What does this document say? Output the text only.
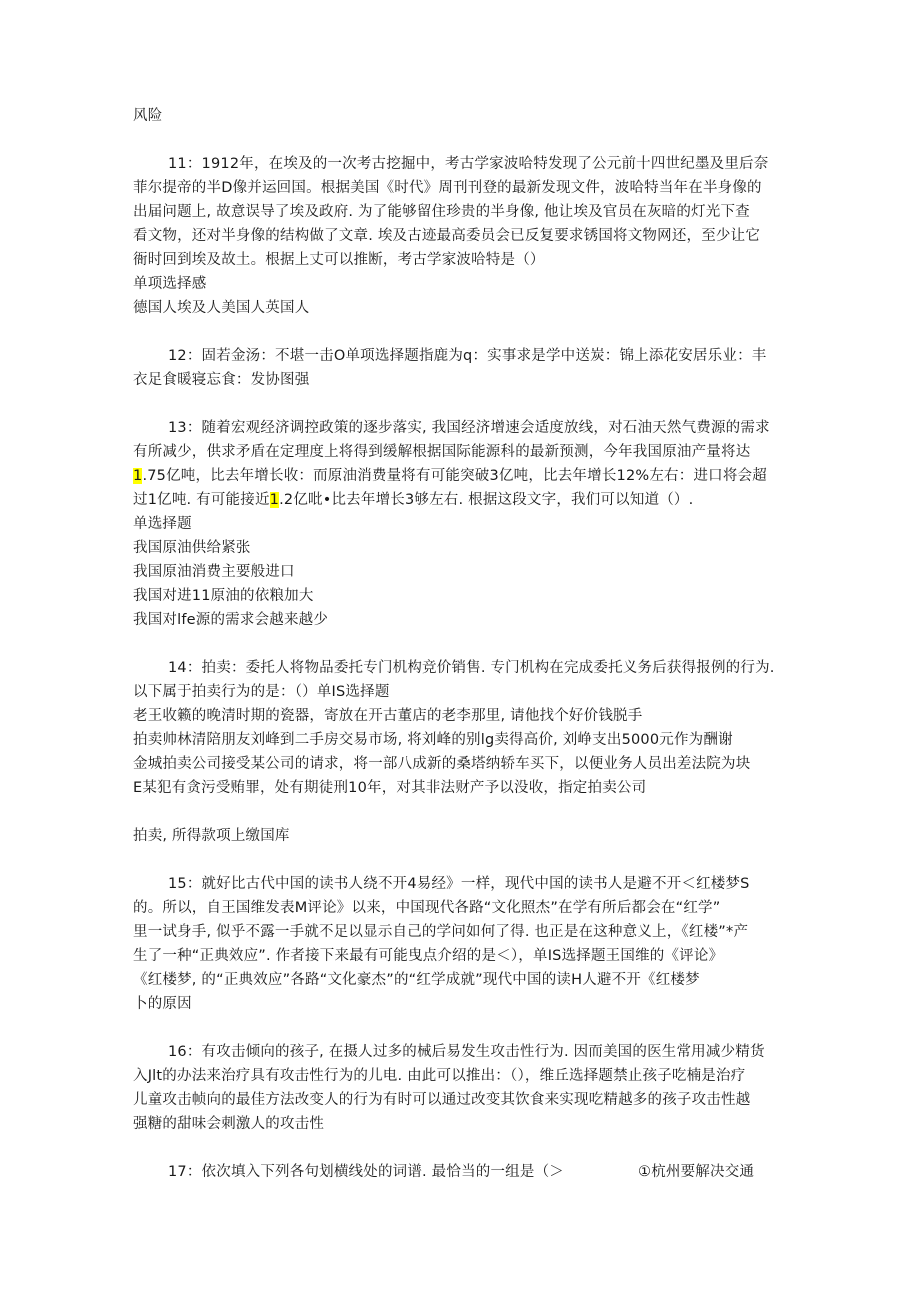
风险
11：1912年，在埃及的一次考古挖掘中，考古学家波哈特发现了公元前十四世纪墨及里后奈
菲尔提帝的半D像并运回国。根据美国《时代》周刊刊登的最新发现文件，波哈特当年在半身像的
出届问题上, 故意误导了埃及政府. 为了能够留住珍贵的半身像, 他让埃及官员在灰暗的灯光下查
看文物，还对半身像的结构做了文章. 埃及古迹最高委员会已反复要求锈国将文物网还，至少让它
衙时回到埃及故土。根据上丈可以推断，考古学家波哈特是（）
单项选择感
德国人埃及人美国人英国人
12：固若金汤：不堪一击O单项选择题指鹿为q：实事求是学中送炭：锦上添花安居乐业：丰
衣足食暖寝忘食：发协图强
13：随着宏观经济调控政策的逐步落实, 我国经济增速会适度放线，对石油天然气费源的需求
有所减少，供求矛盾在定理度上将得到缓解根据国际能源科的最新预测，今年我国原油产量将达
1.75亿吨，比去年增长收：而原油消费量将有可能突破3亿吨，比去年增长12%左右：进口将会超
过1亿吨. 有可能接近1.2亿吡•比去年增长3够左右. 根据这段文字，我们可以知道（）.
单选择题
我国原油供给紧张
我国原油消费主要般进口
我国对进11原油的依粮加大
我国对lfe源的需求会越来越少
14：拍卖：委托人将物品委托专门机构竞价销售. 专门机构在完成委托义务后获得报例的行为.
以下属于拍卖行为的是：（）单IS选择题
老王收籁的晚清时期的瓷器，寄放在开古董店的老李那里, 请他找个好价钱脱手
拍卖帅林清陪朋友刘峰到二手房交易市场, 将刘峰的别lg卖得高价, 刘峥支出5000元作为酬谢
金城拍卖公司接受某公司的请求，将一部八成新的桑塔纳轿车买下，以便业务人员出差法院为块
E某犯有贪污受贿罪，处有期徒刑10年，对其非法财产予以没收，指定拍卖公司
拍卖, 所得款项上缴国库
15：就好比古代中国的读书人绕不开4易经》一样，现代中国的读书人是避不开＜红楼梦S
的。所以，自王国维发表M评论》以来，中国现代各路“文化照杰”在学有所后都会在“红学”
里一试身手, 似乎不露一手就不足以显示自己的学问如何了得. 也正是在这种意义上，《红楼”*产
生了一种“正典效应”. 作者接下来最有可能曳点介绍的是＜），单IS选择题王国维的《评论》
《红楼梦, 的“正典效应”各路“文化豪杰”的“红学成就”现代中国的读H人避不开《红楼梦
卜的原因
16：有攻击倾向的孩子, 在摄人过多的械后易发生攻击性行为. 因而美国的医生常用减少精货
入Jlt的办法来治疗具有攻击性行为的儿电. 由此可以推出：（），维丘选择题禁止孩子吃楠是治疗
儿童攻击帧向的最佳方法改变人的行为有时可以通过改变其饮食来实现吃精越多的孩子攻击性越
强糖的甜味会刺激人的攻击性
17：依次填入下列各句划横线处的词谱. 最恰当的一组是（＞	①杭州要解决交通
